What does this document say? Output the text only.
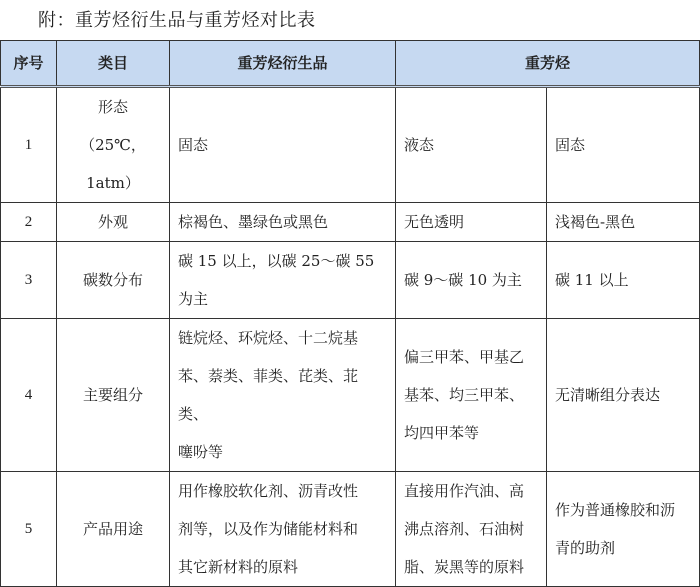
附：重芳烃衍生品与重芳烃对比表
序号	类目	重芳烃衍生品	重芳烃	
1	形态
（25℃，
1atm）	固态	液态	固态

2	外观	棕褐色、墨绿色或黑色	无色透明	浅褐色-黑色

3	碳数分布	碳 15 以上，以碳 25～碳 55
为主	碳 9～碳 10 为主	碳 11 以上

4	主要组分	链烷烃、环烷烃、十二烷基
苯、萘类、菲类、芘类、苝类、
噻吩等	偏三甲苯、甲基乙
基苯、均三甲苯、
均四甲苯等	无清晰组分表达

5	产品用途	用作橡胶软化剂、沥青改性
剂等，以及作为储能材料和
其它新材料的原料	直接用作汽油、高
沸点溶剂、石油树
脂、炭黑等的原料	作为普通橡胶和沥
青的助剂
